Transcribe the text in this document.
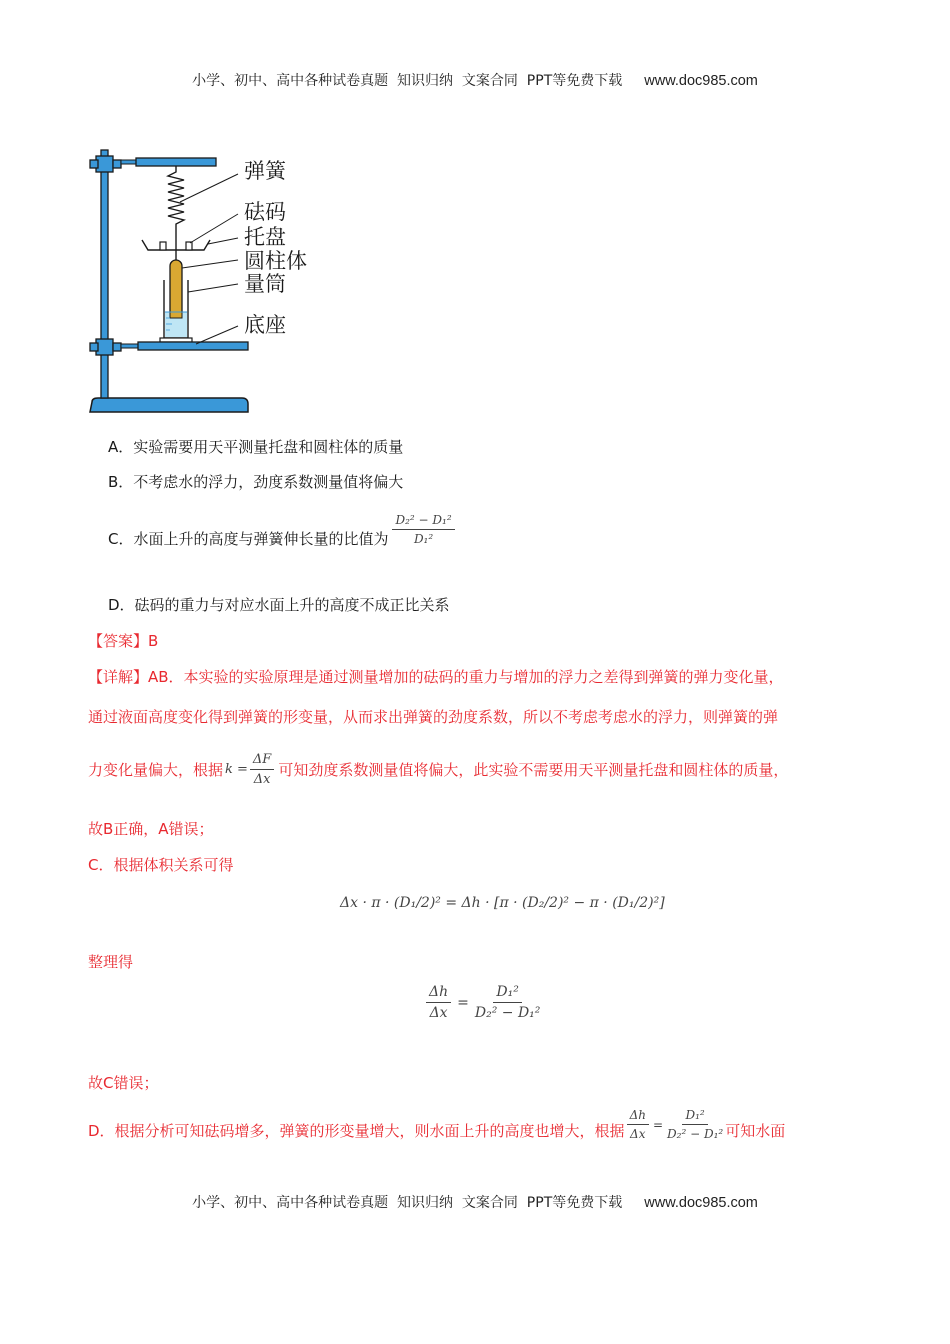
小学、初中、高中各种试卷真题  知识归纳  文案合同  PPT等免费下载 www.doc985.com
弹簧
砝码
托盘
圆柱体
量筒
底座
A．实验需要用天平测量托盘和圆柱体的质量
B．不考虑水的浮力，劲度系数测量值将偏大
C．水面上升的高度与弹簧伸长量的比值为 $\frac{\text{D₂² − D₁²}}{\text{D₁²}}$
D．砝码的重力与对应水面上升的高度不成正比关系
【答案】B
【详解】AB．本实验的实验原理是通过测量增加的砝码的重力与增加的浮力之差得到弹簧的弹力变化量，
通过液面高度变化得到弹簧的形变量，从而求出弹簧的劲度系数，所以不考虑考虑水的浮力，则弹簧的弹
力变化量偏大，根据 $k = \frac{\Delta F}{\Delta x}$ 可知劲度系数测量值将偏大，此实验不需要用天平测量托盘和圆柱体的质量，
故B正确，A错误；
C．根据体积关系可得
Δx · π · (D₁/2)² = Δh · [π · (D₂/2)² − π · (D₁/2)²]
整理得
$\frac{\Delta h}{\Delta x} = \frac{\text{D₁²}}{\text{D₂² − D₁²}}$
故C错误；
D．根据分析可知砝码增多，弹簧的形变量增大，则水面上升的高度也增大，根据 $\frac{\Delta h}{\Delta x} = \frac{\text{D₁²}}{\text{D₂² − D₁²}}$ 可知水面
小学、初中、高中各种试卷真题  知识归纳  文案合同  PPT等免费下载 www.doc985.com
